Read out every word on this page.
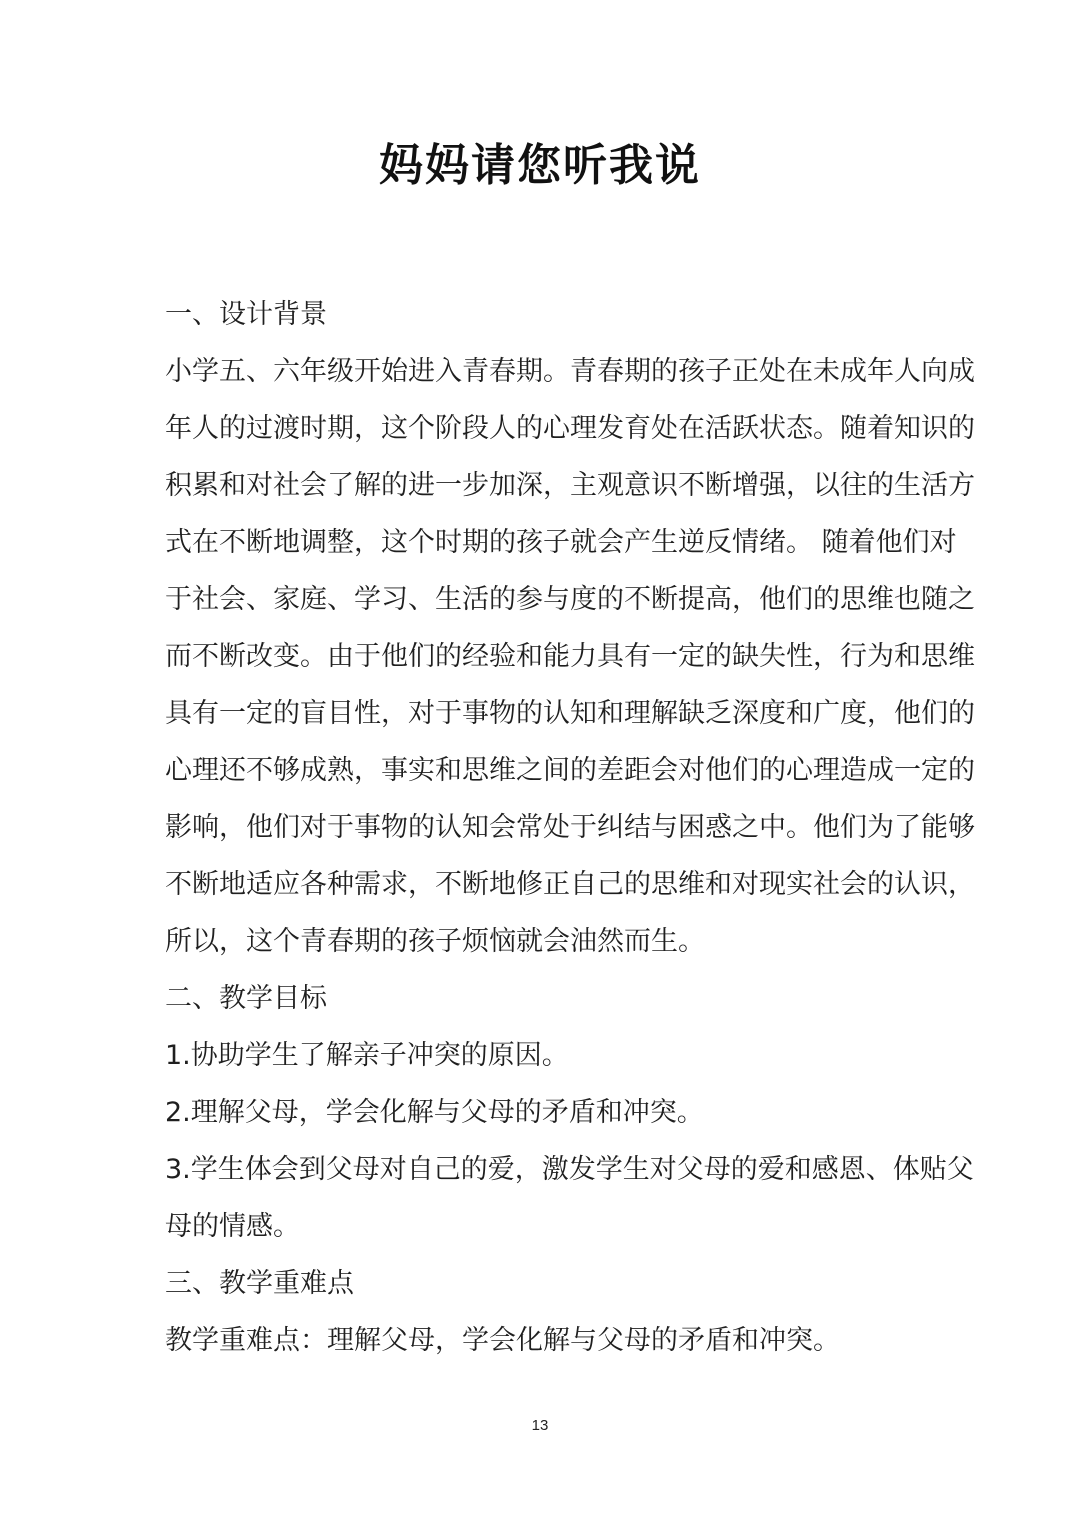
妈妈请您听我说
一、设计背景
小学五、六年级开始进入青春期。青春期的孩子正处在未成年人向成
年人的过渡时期，这个阶段人的心理发育处在活跃状态。随着知识的
积累和对社会了解的进一步加深，主观意识不断增强，以往的生活方
式在不断地调整，这个时期的孩子就会产生逆反情绪。 随着他们对
于社会、家庭、学习、生活的参与度的不断提高，他们的思维也随之
而不断改变。由于他们的经验和能力具有一定的缺失性，行为和思维
具有一定的盲目性，对于事物的认知和理解缺乏深度和广度，他们的
心理还不够成熟，事实和思维之间的差距会对他们的心理造成一定的
影响，他们对于事物的认知会常处于纠结与困惑之中。他们为了能够
不断地适应各种需求，不断地修正自己的思维和对现实社会的认识，
所以，这个青春期的孩子烦恼就会油然而生。
二、教学目标
1.协助学生了解亲子冲突的原因。
2.理解父母，学会化解与父母的矛盾和冲突。
3.学生体会到父母对自己的爱，激发学生对父母的爱和感恩、体贴父
母的情感。
三、教学重难点
教学重难点：理解父母，学会化解与父母的矛盾和冲突。
13
